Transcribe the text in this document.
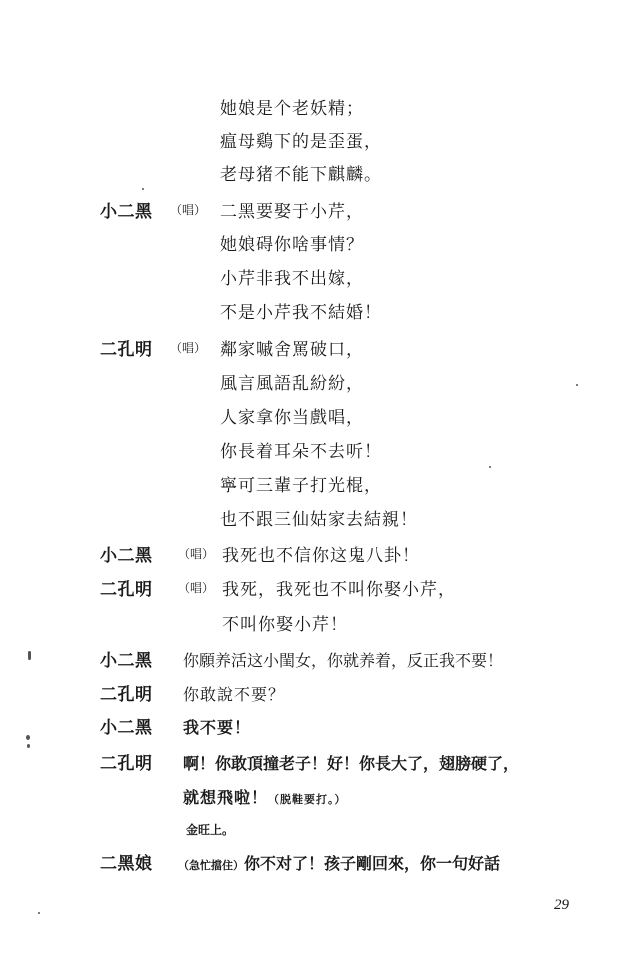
她娘是个老妖精；
瘟母鷄下的是歪蛋，
老母猪不能下麒麟。
小二黑 （唱） 二黑要娶于小芹，
她娘碍你啥事情？
小芹非我不出嫁，
不是小芹我不結婚！
二孔明 （唱） 鄰家嘁舍罵破口，
風言風語乱紛紛，
人家拿你当戲唱，
你長着耳朵不去听！
寧可三輩子打光棍，
也不跟三仙姑家去結親！
小二黑 （唱） 我死也不信你这鬼八卦！
二孔明 （唱） 我死，我死也不叫你娶小芹，
不叫你娶小芹！
小二黑 你願养活这小閨女，你就养着，反正我不要！
二孔明 你敢說不要？
小二黑 我不要！
二孔明 啊！你敢頂撞老子！好！你長大了，翅膀硬了，
就想飛啦！（脱鞋要打。）
金旺上。
二黑娘 （急忙擋住）你不对了！孩子剛回來，你一句好話
29
